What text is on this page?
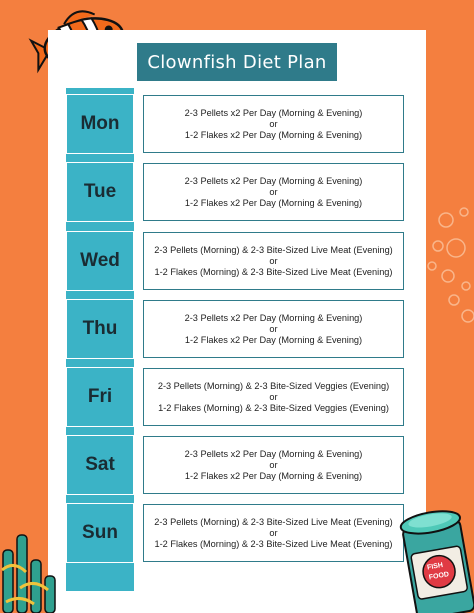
Clownfish Diet Plan
Mon
Tue
Wed
Thu
Fri
Sat
Sun
2-3 Pellets x2 Per Day (Morning & Evening)
or
1-2 Flakes x2 Per Day (Morning & Evening)
2-3 Pellets x2 Per Day (Morning & Evening)
or
1-2 Flakes x2 Per Day (Morning & Evening)
2-3 Pellets (Morning) & 2-3 Bite-Sized Live Meat (Evening)
or
1-2 Flakes (Morning) & 2-3 Bite-Sized Live Meat (Evening)
2-3 Pellets x2 Per Day (Morning & Evening)
or
1-2 Flakes x2 Per Day (Morning & Evening)
2-3 Pellets (Morning) & 2-3 Bite-Sized Veggies (Evening)
or
1-2 Flakes (Morning) & 2-3 Bite-Sized Veggies (Evening)
2-3 Pellets x2 Per Day (Morning & Evening)
or
1-2 Flakes x2 Per Day (Morning & Evening)
2-3 Pellets (Morning) & 2-3 Bite-Sized Live Meat (Evening)
or
1-2 Flakes (Morning) & 2-3 Bite-Sized Live Meat (Evening)
FISH
FOOD
